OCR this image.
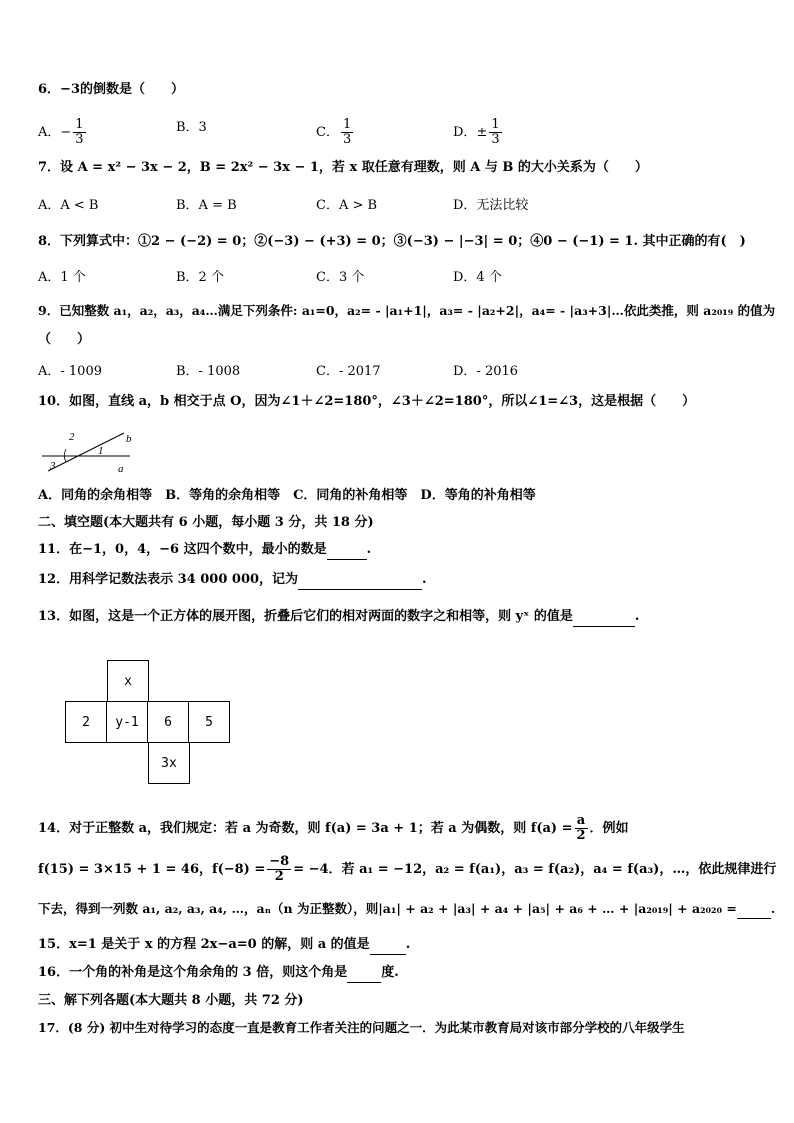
6．−3的倒数是（　　）
A．− $\frac{1}{3}$	B．3	C． $\frac{1}{3}$	D．± $\frac{1}{3}$
7．设 A = x² − 3x − 2，B = 2x² − 3x − 1，若 x 取任意有理数，则 A 与 B 的大小关系为（　　）
A．A < B	B．A = B	C．A > B	D．无法比较
8．下列算式中：①2 − (−2) = 0；②(−3) − (+3) = 0；③(−3) − |−3| = 0；④0 − (−1) = 1. 其中正确的有(　)
A．1 个	B．2 个	C．3 个	D．4 个
9．已知整数 a₁，a₂，a₃，a₄…满足下列条件: a₁=0，a₂= - |a₁+1|，a₃= - |a₂+2|，a₄= - |a₃+3|…依此类推，则 a₂₀₁₉ 的值为
（　　）
A．- 1009	B．- 1008	C．- 2017	D．- 2016
10．如图，直线 a，b 相交于点 O，因为∠1＋∠2=180°，∠3＋∠2=180°，所以∠1=∠3，这是根据（　　）
2
1
3
b
a
A．同角的余角相等　B．等角的余角相等　C．同角的补角相等　D．等角的补角相等
二、填空题(本大题共有 6 小题，每小题 3 分，共 18 分)
11．在−1，0，4，−6 这四个数中，最小的数是	.
12．用科学记数法表示 34 000 000，记为	.
13．如图，这是一个正方体的展开图，折叠后它们的相对两面的数字之和相等，则 yˣ 的值是	.
x
2	y-1	6	5
3x
14．对于正整数 a，我们规定：若 a 为奇数，则 f(a) = 3a + 1；若 a 为偶数，则 $f(a) = \frac{a}{2}$ ．例如
f(15) = 3×15 + 1 = 46，$f(-8) = \frac{-8}{2} = -4$．若 a₁ = −12，a₂ = f(a₁)，a₃ = f(a₂)，a₄ = f(a₃)，…，依此规律进行
下去，得到一列数 a₁, a₂, a₃, a₄, …，aₙ（n 为正整数），则|a₁| + a₂ + |a₃| + a₄ + |a₅| + a₆ + … + |a₂₀₁₉| + a₂₀₂₀ =	.
15．x=1 是关于 x 的方程 2x−a=0 的解，则 a 的值是	.
16．一个角的补角是这个角余角的 3 倍，则这个角是	度.
三、解下列各题(本大题共 8 小题，共 72 分)
17．(8 分) 初中生对待学习的态度一直是教育工作者关注的问题之一．为此某市教育局对该市部分学校的八年级学生
